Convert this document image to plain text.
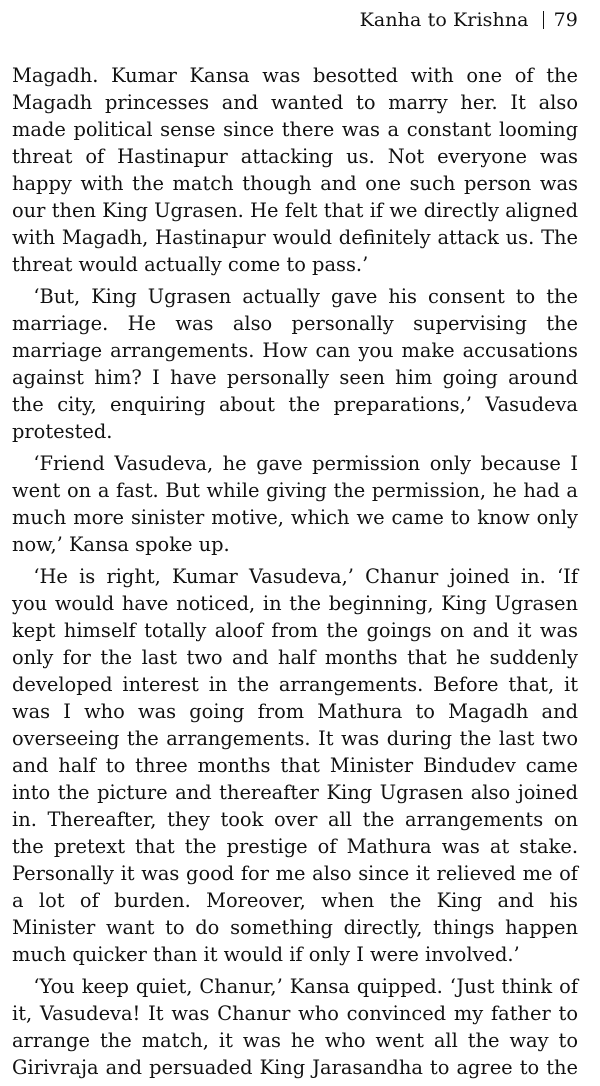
Kanha to Krishna 79

Magadh. Kumar Kansa was besotted with one of the Magadh princesses and wanted to marry her. It also made political sense since there was a constant looming threat of Hastinapur attacking us. Not everyone was happy with the match though and one such person was our then King Ugrasen. He felt that if we directly aligned with Magadh, Hastinapur would definitely attack us. The threat would actually come to pass.’

‘But, King Ugrasen actually gave his consent to the marriage. He was also personally supervising the marriage arrangements. How can you make accusations against him? I have personally seen him going around the city, enquiring about the preparations,’ Vasudeva protested.

‘Friend Vasudeva, he gave permission only because I went on a fast. But while giving the permission, he had a much more sinister motive, which we came to know only now,’ Kansa spoke up.

‘He is right, Kumar Vasudeva,’ Chanur joined in. ‘If you would have noticed, in the beginning, King Ugrasen kept himself totally aloof from the goings on and it was only for the last two and half months that he suddenly developed interest in the arrangements. Before that, it was I who was going from Mathura to Magadh and overseeing the arrangements. It was during the last two and half to three months that Minister Bindudev came into the picture and thereafter King Ugrasen also joined in. Thereafter, they took over all the arrangements on the pretext that the prestige of Mathura was at stake. Personally it was good for me also since it relieved me of a lot of burden. Moreover, when the King and his Minister want to do something directly, things happen much quicker than it would if only I were involved.’

‘You keep quiet, Chanur,’ Kansa quipped. ‘Just think of it, Vasudeva! It was Chanur who convinced my father to arrange the match, it was he who went all the way to Girivraja and persuaded King Jarasandha to agree to the
